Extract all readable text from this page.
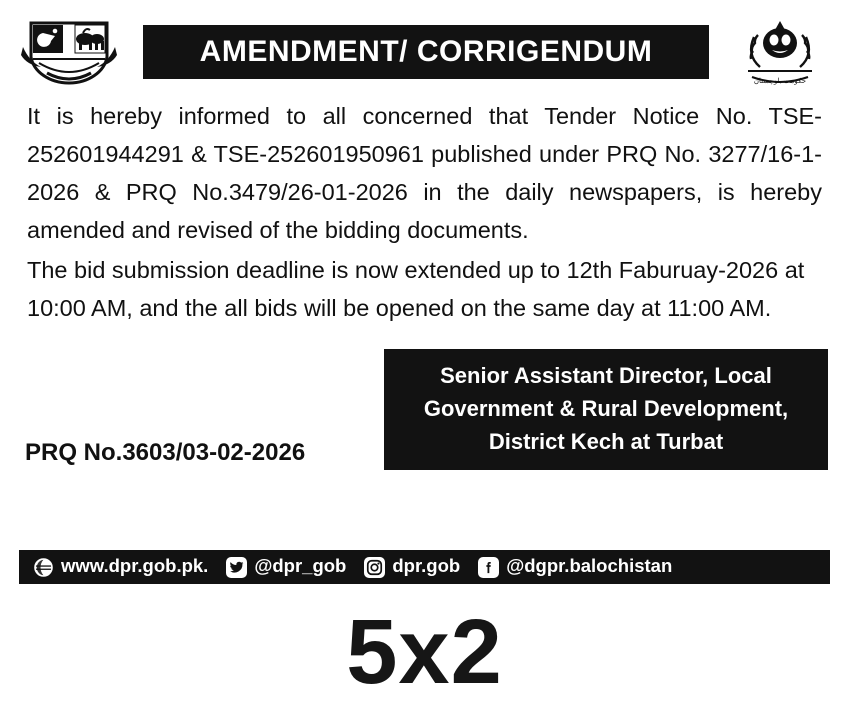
AMENDMENT/ CORRIGENDUM
حکومت بلوچستان

It is hereby informed to all concerned that Tender Notice No. TSE-252601944291 & TSE-252601950961 published under PRQ No. 3277/16-1-2026 & PRQ No.3479/26-01-2026 in the daily newspapers, is hereby amended and revised of the bidding documents.

The bid submission deadline is now extended up to 12th Faburuay-2026 at 10:00 AM, and the all bids will be opened on the same day at 11:00 AM.

Senior Assistant Director, Local
Government & Rural Development,
District Kech at Turbat
PRQ No.3603/03-02-2026
www.dpr.gob.pk. @dpr_gob dpr.gob @dgpr.balochistan
5x2
